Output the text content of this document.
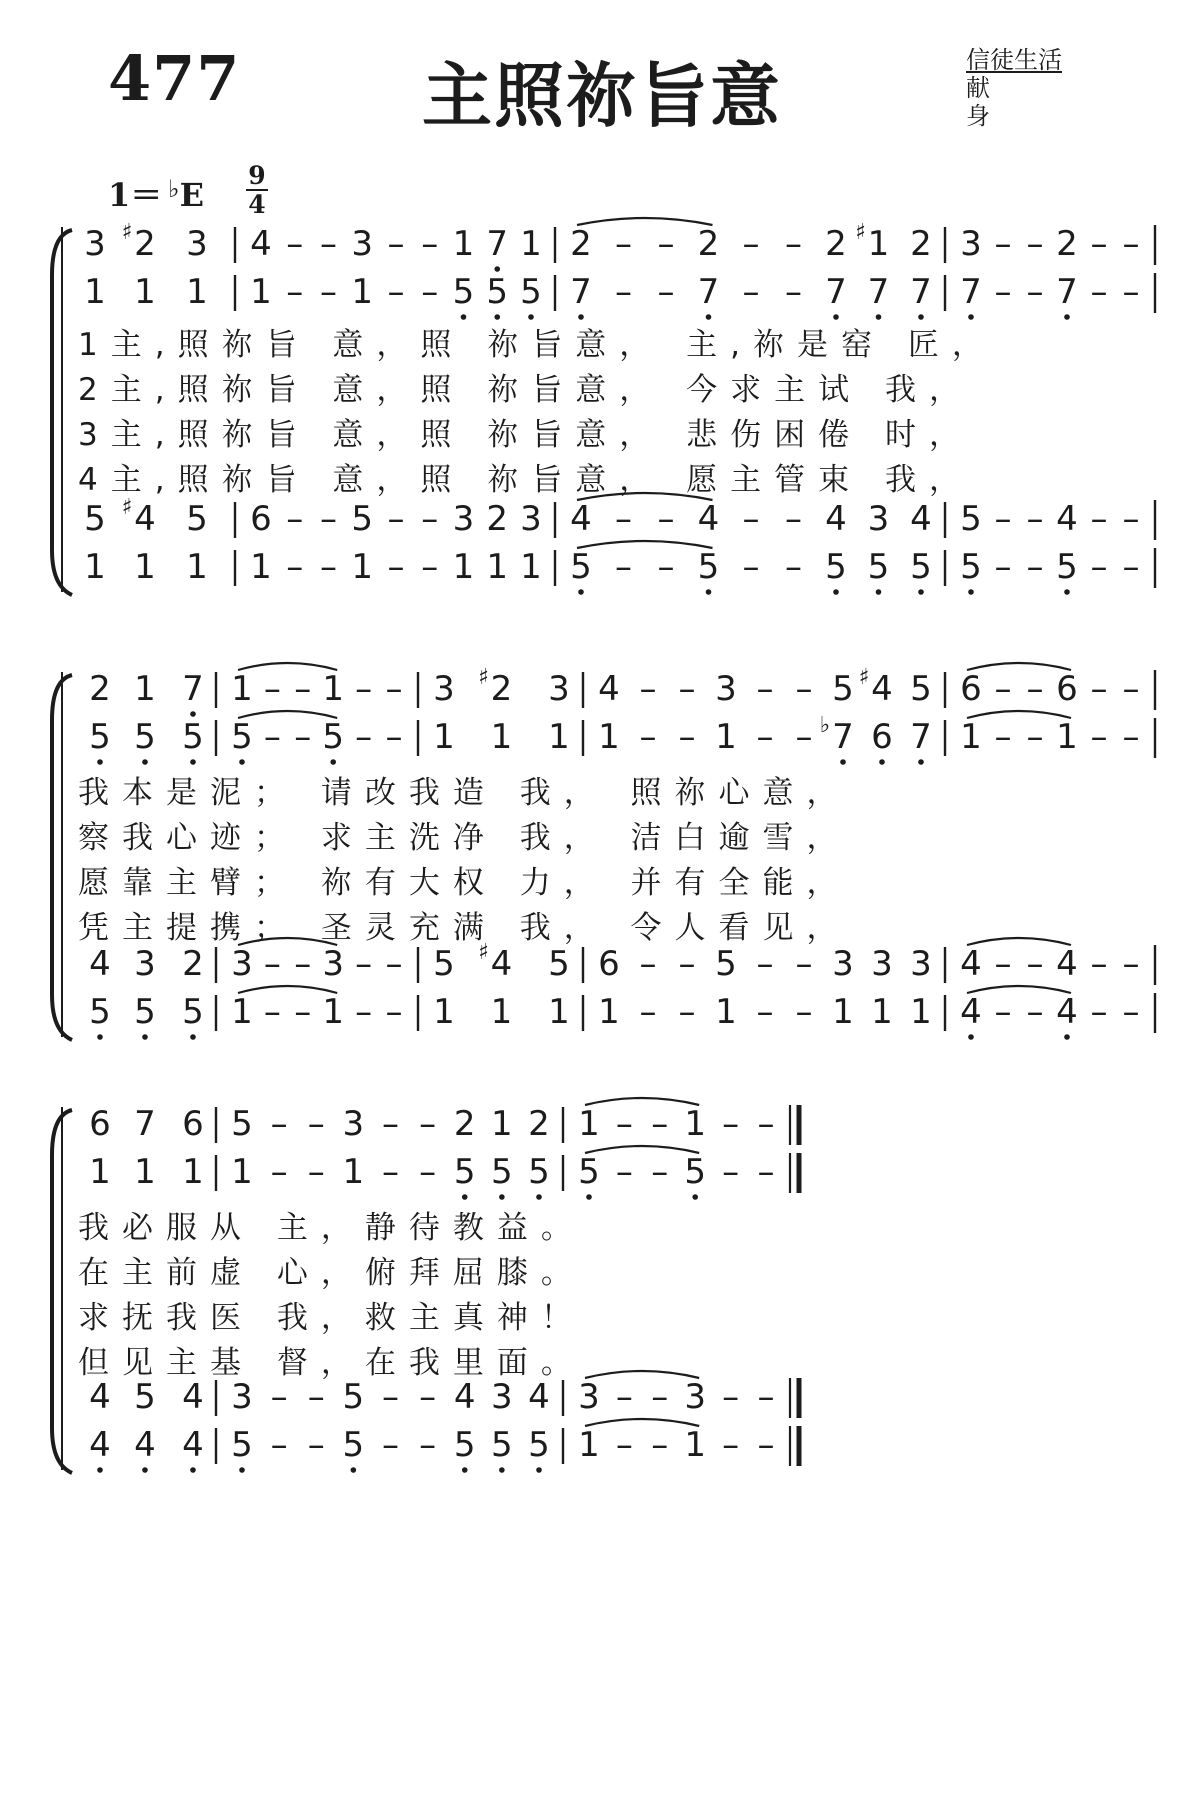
477	主照祢旨意	信徒生活
献身
1＝ ♭E
9
4
3 2
♯ 3 4 – – 3 – – 1 7 1 2 – – 2 – – 2 1
♯ 2 3 – – 2 – –
1 1 1 1 – – 1 – – 5 5 5 7 – – 7 – – 7 7 7 7 – – 7 – –
5 4
♯ 5 6 – – 5 – – 3 2 3 4 – – 4 – – 4 3 4 5 – – 4 – –
1 1 1 1 – – 1 – – 1 1 1 5 – – 5 – – 5 5 5 5 – – 5 – –
1主,照祢旨 意，照 祢旨意， 主,祢是窑 匠，
2主,照祢旨 意，照 祢旨意， 今求主试 我，
3主,照祢旨 意，照 祢旨意， 悲伤困倦 时，
4主,照祢旨 意，照 祢旨意， 愿主管束 我，
2 1 7 1 – – 1 – – 3 2
♯ 3 4 – – 3 – – 5 4
♯ 5 6 – – 6 – –
5 5 5 5 – – 5 – – 1 1 1 1 – – 1 – – 7
♭ 6 7 1 – – 1 – –
4 3 2 3 – – 3 – – 5 4
♯ 5 6 – – 5 – – 3 3 3 4 – – 4 – –
5 5 5 1 – – 1 – – 1 1 1 1 – – 1 – – 1 1 1 4 – – 4 – –
我本是泥； 请改我造 我， 照祢心意，
察我心迹； 求主洗净 我， 洁白逾雪，
愿靠主臂； 祢有大权 力， 并有全能，
凭主提携； 圣灵充满 我， 令人看见，
6 7 6 5 – – 3 – – 2 1 2 1 – – 1 – –
1 1 1 1 – – 1 – – 5 5 5 5 – – 5 – –
4 5 4 3 – – 5 – – 4 3 4 3 – – 3 – –
4 4 4 5 – – 5 – – 5 5 5 1 – – 1 – –
我必服从 主，静待教益。
在主前虚 心，俯拜屈膝。
求抚我医 我，救主真神！
但见主基 督，在我里面。
